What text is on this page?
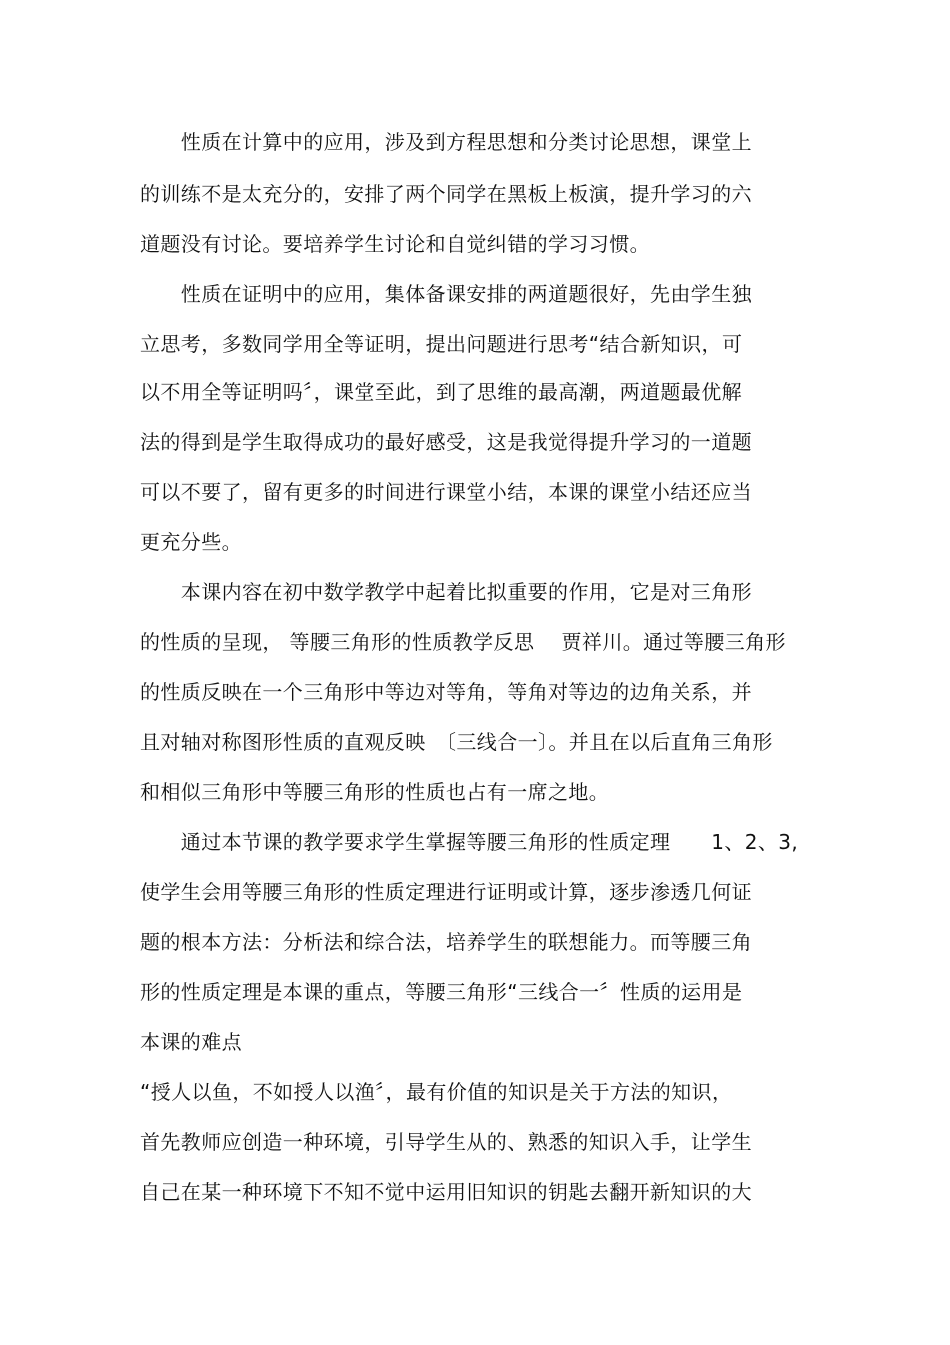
　　性质在计算中的应用，涉及到方程思想和分类讨论思想，课堂上
的训练不是太充分的，安排了两个同学在黑板上板演，提升学习的六
道题没有讨论。要培养学生讨论和自觉纠错的学习习惯。
　　性质在证明中的应用，集体备课安排的两道题很好，先由学生独
立思考，多数同学用全等证明，提出问题进行思考“结合新知识，可
以不用全等证明吗〞，课堂至此，到了思维的最高潮，两道题最优解
法的得到是学生取得成功的最好感受，这是我觉得提升学习的一道题
可以不要了，留有更多的时间进行课堂小结，本课的课堂小结还应当
更充分些。
　　本课内容在初中数学教学中起着比拟重要的作用，它是对三角形
的性质的呈现， 等腰三角形的性质教学反思　 贾祥川。通过等腰三角形
的性质反映在一个三角形中等边对等角，等角对等边的边角关系，并
且对轴对称图形性质的直观反映　〔三线合一〕。并且在以后直角三角形
和相似三角形中等腰三角形的性质也占有一席之地。
　　通过本节课的教学要求学生掌握等腰三角形的性质定理　　1、2、3,
使学生会用等腰三角形的性质定理进行证明或计算，逐步渗透几何证
题的根本方法：分析法和综合法，培养学生的联想能力。而等腰三角
形的性质定理是本课的重点，等腰三角形“三线合一〞性质的运用是
本课的难点
“授人以鱼，不如授人以渔〞，最有价值的知识是关于方法的知识，
首先教师应创造一种环境，引导学生从的、熟悉的知识入手，让学生
自己在某一种环境下不知不觉中运用旧知识的钥匙去翻开新知识的大
